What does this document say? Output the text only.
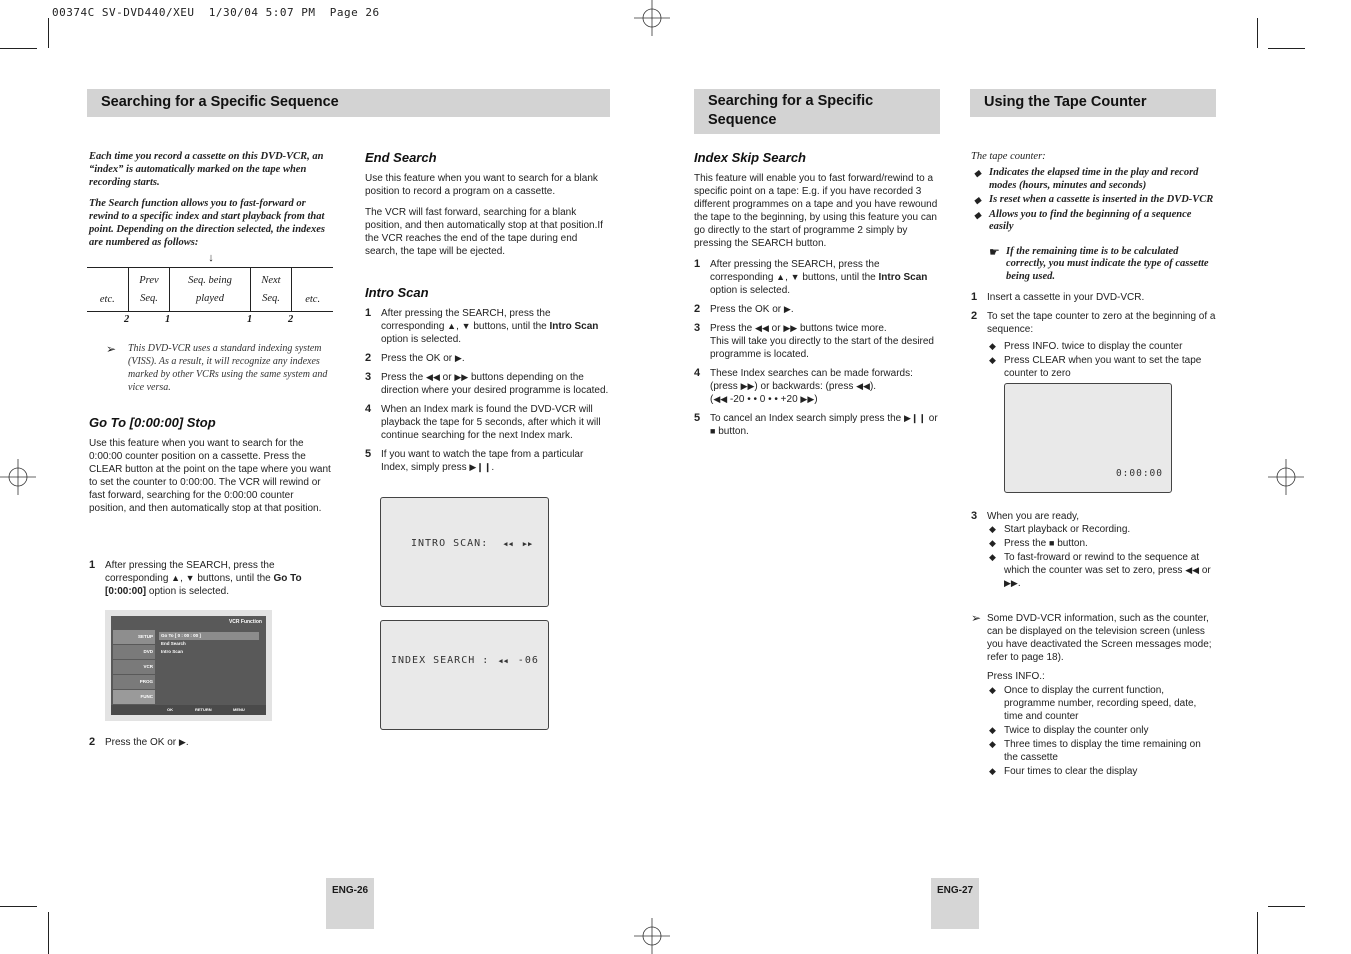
00374C SV-DVD440/XEU  1/30/04 5:07 PM  Page 26
Searching for a Specific Sequence

Each time you record a cassette on this DVD-VCR, an “index” is automatically marked on the tape when recording starts.

The Search function allows you to fast-forward or rewind to a specific index and start playback from that point. Depending on the direction selected, the indexes are numbered as follows:

↓
etc.	Prev Seq.	Seq. being played	Next Seq.	etc.
2	1	1	2
➢	This DVD-VCR uses a standard indexing system (VISS). As a result, it will recognize any indexes marked by other VCRs using the same system and vice versa.
Go To [0:00:00] Stop

Use this feature when you want to search for the 0:00:00 counter position on a cassette. Press the CLEAR button at the point on the tape where you want to set the counter to 0:00:00. The VCR will rewind or fast forward, searching for the 0:00:00 counter position, and then automatically stop at that position.

1 After pressing the SEARCH, press the corresponding ▲, ▼ buttons, until the Go To [0:00:00] option is selected.
VCR Function
SETUP
DVD
VCR
PROG
FUNC
Go To [ 0 : 00 : 00 ]
End Search
Intro Scan
OK	RETURN	MENU
2 Press the OK or ▶.
End Search

Use this feature when you want to search for a blank position to record a program on a cassette.

The VCR will fast forward, searching for a blank position, and then automatically stop at that position.If the VCR reaches the end of the tape during end search, the tape will be ejected.

Intro Scan
1 After pressing the SEARCH, press the corresponding ▲, ▼ buttons, until the Intro Scan option is selected.
2 Press the OK or ▶.
3 Press the ◀◀ or ▶▶ buttons depending on the direction where your desired programme is located.
4 When an Index mark is found the DVD-VCR will playback the tape for 5 seconds, after which it will continue searching for the next Index mark.
5 If you want to watch the tape from a particular Index, simply press ▶❙❙.
INTRO SCAN: ◀◀ ▶▶
INDEX SEARCH : ◀◀ -06
ENG-26
Searching for a Specific Sequence
Using the Tape Counter
Index Skip Search

This feature will enable you to fast forward/rewind to a specific point on a tape: E.g. if you have recorded 3 different programmes on a tape and you have rewound the tape to the beginning, by using this feature you can go directly to the start of programme 2 simply by pressing the SEARCH button.

1 After pressing the SEARCH, press the corresponding ▲, ▼ buttons, until the Intro Scan option is selected.
2 Press the OK or ▶.
3 Press the ◀◀ or ▶▶ buttons twice more.
This will take you directly to the start of the desired programme is located.
4 These Index searches can be made forwards:
(press ▶▶) or backwards: (press ◀◀).
(◀◀ -20 • • 0 • • +20 ▶▶)
5 To cancel an Index search simply press the ▶❙❙ or
■ button.
The tape counter:
◆ Indicates the elapsed time in the play and record modes (hours, minutes and seconds)
◆ Is reset when a cassette is inserted in the DVD-VCR
◆ Allows you to find the beginning of a sequence easily
☛ If the remaining time is to be calculated correctly, you must indicate the type of cassette being used.
1 Insert a cassette in your DVD-VCR.
2 To set the tape counter to zero at the beginning of a sequence:
◆ Press INFO. twice to display the counter
◆ Press CLEAR when you want to set the tape counter to zero
0:00:00
3 When you are ready,
◆ Start playback or Recording.
◆ Press the ■ button.
◆ To fast-froward or rewind to the sequence at which the counter was set to zero, press ◀◀ or ▶▶.
➢ Some DVD-VCR information, such as the counter, can be displayed on the television screen (unless you have deactivated the Screen messages mode; refer to page 18).
Press INFO.:
◆ Once to display the current function, programme number, recording speed, date, time and counter
◆ Twice to display the counter only
◆ Three times to display the time remaining on the cassette
◆ Four times to clear the display
ENG-27
